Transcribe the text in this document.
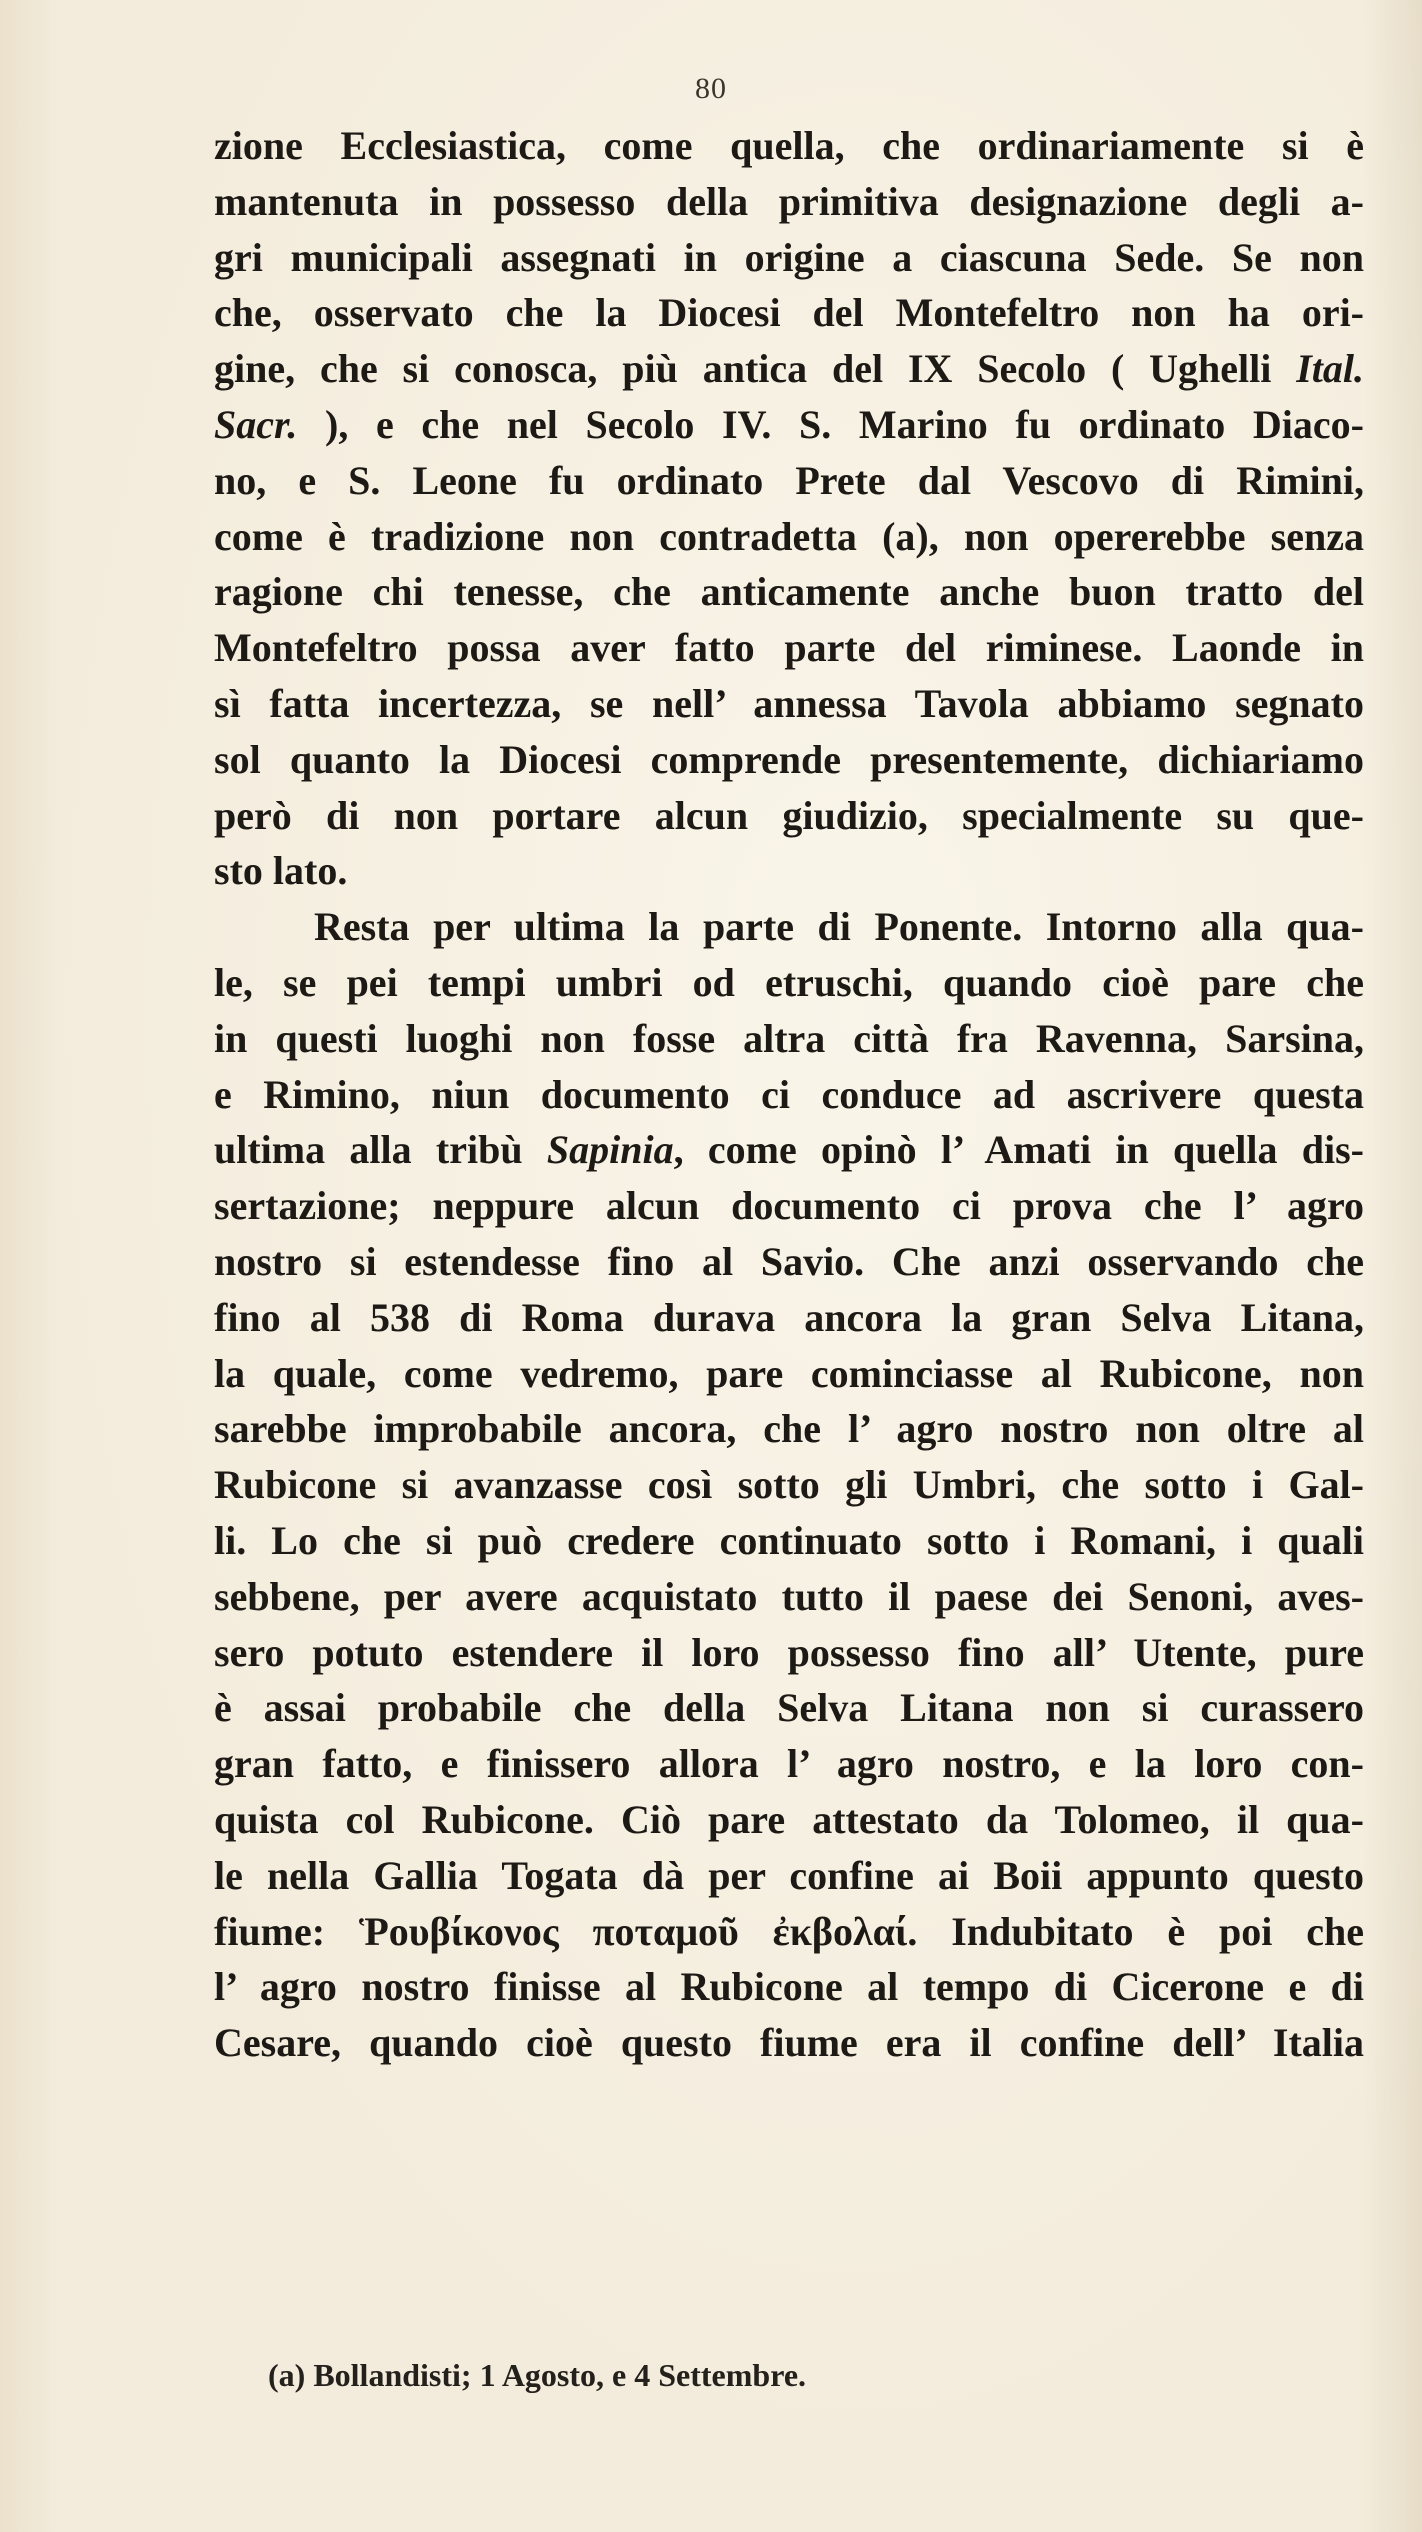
80
zione Ecclesiastica, come quella, che ordinariamente si è
mantenuta in possesso della primitiva designazione degli a-
gri municipali assegnati in origine a ciascuna Sede. Se non
che, osservato che la Diocesi del Montefeltro non ha ori-
gine, che si conosca, più antica del IX Secolo ( Ughelli Ital.
Sacr. ), e che nel Secolo IV. S. Marino fu ordinato Diaco-
no, e S. Leone fu ordinato Prete dal Vescovo di Rimini,
come è tradizione non contradetta (a), non opererebbe senza
ragione chi tenesse, che anticamente anche buon tratto del
Montefeltro possa aver fatto parte del riminese. Laonde in
sì fatta incertezza, se nell’ annessa Tavola abbiamo segnato
sol quanto la Diocesi comprende presentemente, dichiariamo
però di non portare alcun giudizio, specialmente su que-
sto lato.
Resta per ultima la parte di Ponente. Intorno alla qua-
le, se pei tempi umbri od etruschi, quando cioè pare che
in questi luoghi non fosse altra città fra Ravenna, Sarsina,
e Rimino, niun documento ci conduce ad ascrivere questa
ultima alla tribù Sapinia, come opinò l’ Amati in quella dis-
sertazione; neppure alcun documento ci prova che l’ agro
nostro si estendesse fino al Savio. Che anzi osservando che
fino al 538 di Roma durava ancora la gran Selva Litana,
la quale, come vedremo, pare cominciasse al Rubicone, non
sarebbe improbabile ancora, che l’ agro nostro non oltre al
Rubicone si avanzasse così sotto gli Umbri, che sotto i Gal-
li. Lo che si può credere continuato sotto i Romani, i quali
sebbene, per avere acquistato tutto il paese dei Senoni, aves-
sero potuto estendere il loro possesso fino all’ Utente, pure
è assai probabile che della Selva Litana non si curassero
gran fatto, e finissero allora l’ agro nostro, e la loro con-
quista col Rubicone. Ciò pare attestato da Tolomeo, il qua-
le nella Gallia Togata dà per confine ai Boii appunto questo
fiume: Ῥουβίκονος ποταμοῦ ἐκβολαί. Indubitato è poi che
l’ agro nostro finisse al Rubicone al tempo di Cicerone e di
Cesare, quando cioè questo fiume era il confine dell’ Italia
(a) Bollandisti; 1 Agosto, e 4 Settembre.
